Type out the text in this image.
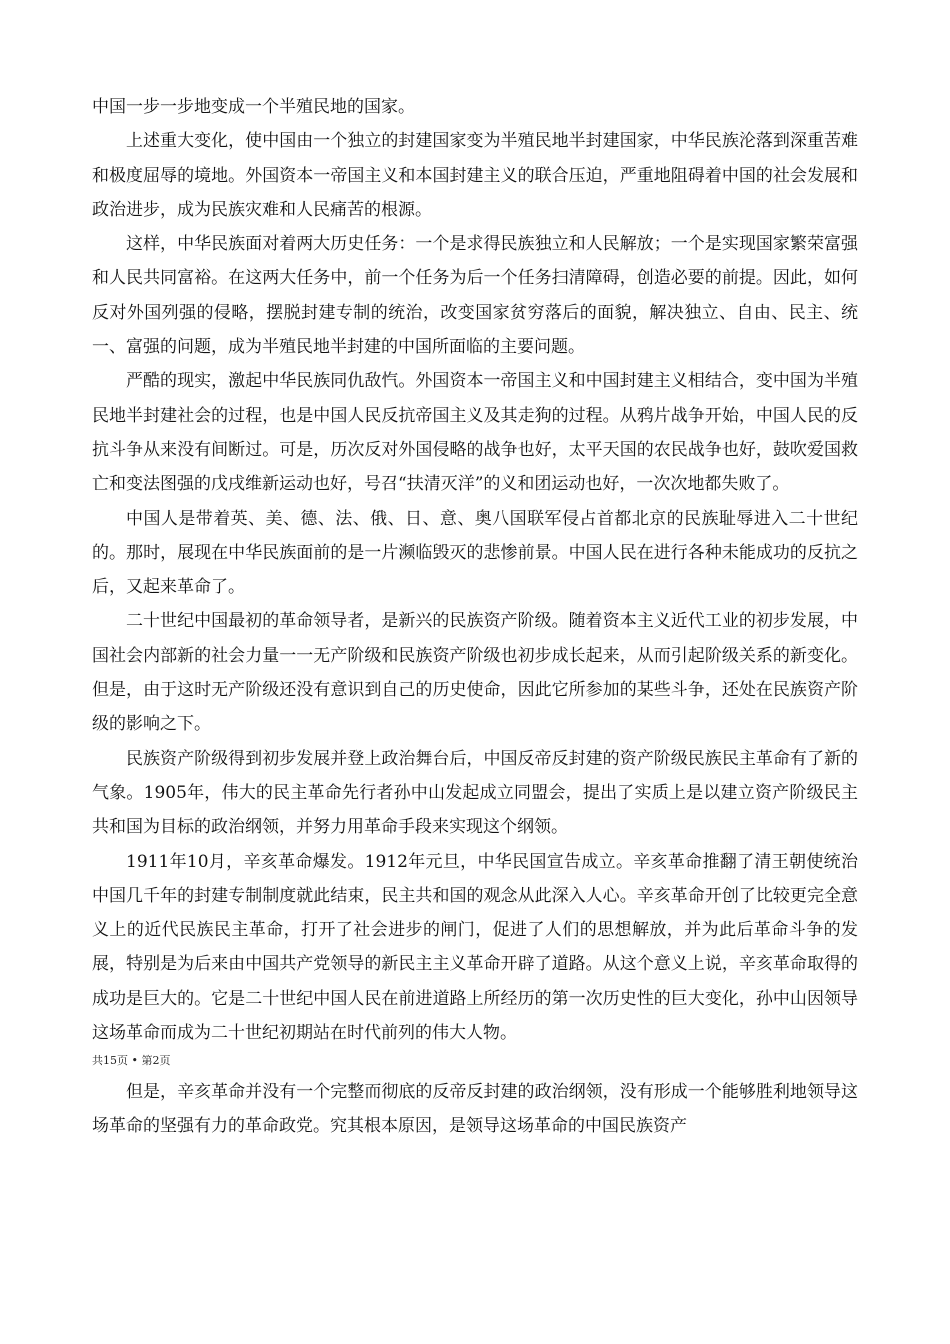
中国一步一步地变成一个半殖民地的国家。

上述重大变化，使中国由一个独立的封建国家变为半殖民地半封建国家，中华民族沦落到深重苦难和极度屈辱的境地。外国资本一帝国主义和本国封建主义的联合压迫，严重地阻碍着中国的社会发展和政治进步，成为民族灾难和人民痛苦的根源。

这样，中华民族面对着两大历史任务：一个是求得民族独立和人民解放；一个是实现国家繁荣富强和人民共同富裕。在这两大任务中，前一个任务为后一个任务扫清障碍，创造必要的前提。因此，如何反对外国列强的侵略，摆脱封建专制的统治，改变国家贫穷落后的面貌，解决独立、自由、民主、统一、富强的问题，成为半殖民地半封建的中国所面临的主要问题。

严酷的现实，激起中华民族同仇敌忾。外国资本一帝国主义和中国封建主义相结合，变中国为半殖民地半封建社会的过程，也是中国人民反抗帝国主义及其走狗的过程。从鸦片战争开始，中国人民的反抗斗争从来没有间断过。可是，历次反对外国侵略的战争也好，太平天国的农民战争也好，鼓吹爱国救亡和变法图强的戊戌维新运动也好，号召“扶清灭洋”的义和团运动也好，一次次地都失败了。

中国人是带着英、美、德、法、俄、日、意、奥八国联军侵占首都北京的民族耻辱进入二十世纪的。那时，展现在中华民族面前的是一片濒临毁灭的悲惨前景。中国人民在进行各种未能成功的反抗之后，又起来革命了。

二十世纪中国最初的革命领导者，是新兴的民族资产阶级。随着资本主义近代工业的初步发展，中国社会内部新的社会力量一一无产阶级和民族资产阶级也初步成长起来，从而引起阶级关系的新变化。但是，由于这时无产阶级还没有意识到自己的历史使命，因此它所参加的某些斗争，还处在民族资产阶级的影响之下。

民族资产阶级得到初步发展并登上政治舞台后，中国反帝反封建的资产阶级民族民主革命有了新的气象。1905年，伟大的民主革命先行者孙中山发起成立同盟会，提出了实质上是以建立资产阶级民主共和国为目标的政治纲领，并努力用革命手段来实现这个纲领。

1911年10月，辛亥革命爆发。1912年元旦，中华民国宣告成立。辛亥革命推翻了清王朝使统治中国几千年的封建专制制度就此结束，民主共和国的观念从此深入人心。辛亥革命开创了比较更完全意义上的近代民族民主革命，打开了社会进步的闸门，促进了人们的思想解放，并为此后革命斗争的发展，特别是为后来由中国共产党领导的新民主主义革命开辟了道路。从这个意义上说，辛亥革命取得的成功是巨大的。它是二十世纪中国人民在前进道路上所经历的第一次历史性的巨大变化，孙中山因领导这场革命而成为二十世纪初期站在时代前列的伟大人物。

共15页 • 第2页

但是，辛亥革命并没有一个完整而彻底的反帝反封建的政治纲领，没有形成一个能够胜利地领导这场革命的坚强有力的革命政党。究其根本原因，是领导这场革命的中国民族资产
